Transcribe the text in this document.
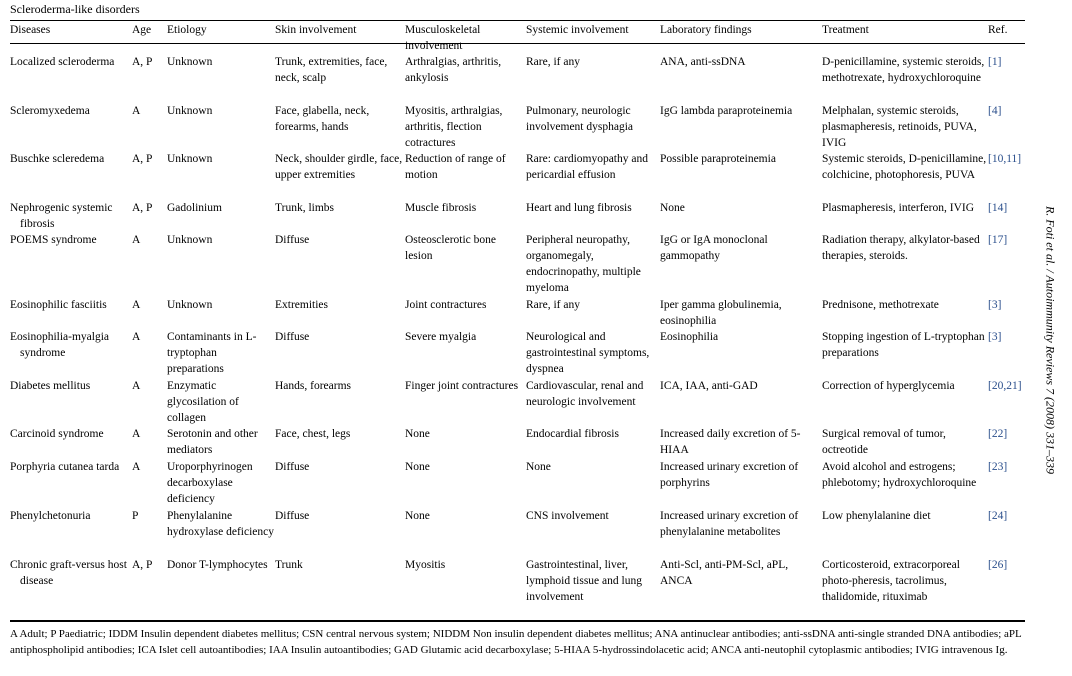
Scleroderma-like disorders
Diseases	Age	Etiology	Skin involvement	Musculoskeletal involvement	Systemic involvement	Laboratory findings	Treatment	Ref.
Localized scleroderma	A, P	Unknown	Trunk, extremities, face, neck, scalp	Arthralgias, arthritis, ankylosis	Rare, if any	ANA, anti-ssDNA	D-penicillamine, systemic steroids, methotrexate, hydroxychloroquine	[1]
Scleromyxedema	A	Unknown	Face, glabella, neck, forearms, hands	Myositis, arthralgias, arthritis, flection cotractures	Pulmonary, neurologic involvement dysphagia	IgG lambda paraproteinemia	Melphalan, systemic steroids, plasmapheresis, retinoids, PUVA, IVIG	[4]
Buschke scleredema	A, P	Unknown	Neck, shoulder girdle, face, upper extremities	Reduction of range of motion	Rare: cardiomyopathy and pericardial effusion	Possible paraproteinemia	Systemic steroids, D-penicillamine, colchicine, photophoresis, PUVA	[10,11]
Nephrogenic systemic fibrosis	A, P	Gadolinium	Trunk, limbs	Muscle fibrosis	Heart and lung fibrosis	None	Plasmapheresis, interferon, IVIG	[14]
POEMS syndrome	A	Unknown	Diffuse	Osteosclerotic bone lesion	Peripheral neuropathy, organomegaly, endocrinopathy, multiple myeloma	IgG or IgA monoclonal gammopathy	Radiation therapy, alkylator-based therapies, steroids.	[17]
Eosinophilic fasciitis	A	Unknown	Extremities	Joint contractures	Rare, if any	Iper gamma globulinemia, eosinophilia	Prednisone, methotrexate	[3]
Eosinophilia-myalgia syndrome	A	Contaminants in L-tryptophan preparations	Diffuse	Severe myalgia	Neurological and gastrointestinal symptoms, dyspnea	Eosinophilia	Stopping ingestion of L-tryptophan preparations	[3]
Diabetes mellitus	A	Enzymatic glycosilation of collagen	Hands, forearms	Finger joint contractures	Cardiovascular, renal and neurologic involvement	ICA, IAA, anti-GAD	Correction of hyperglycemia	[20,21]
Carcinoid syndrome	A	Serotonin and other mediators	Face, chest, legs	None	Endocardial fibrosis	Increased daily excretion of 5-HIAA	Surgical removal of tumor, octreotide	[22]
Porphyria cutanea tarda	A	Uroporphyrinogen decarboxylase deficiency	Diffuse	None	None	Increased urinary excretion of porphyrins	Avoid alcohol and estrogens; phlebotomy; hydroxychloroquine	[23]
Phenylchetonuria	P	Phenylalanine hydroxylase deficiency	Diffuse	None	CNS involvement	Increased urinary excretion of phenylalanine metabolites	Low phenylalanine diet	[24]
Chronic graft-versus host disease	A, P	Donor T-lymphocytes	Trunk	Myositis	Gastrointestinal, liver, lymphoid tissue and lung involvement	Anti-Scl, anti-PM-Scl, aPL, ANCA	Corticosteroid, extracorporeal photo-pheresis, tacrolimus, thalidomide, rituximab	[26]
A Adult; P Paediatric; IDDM Insulin dependent diabetes mellitus; CSN central nervous system; NIDDM Non insulin dependent diabetes mellitus; ANA antinuclear antibodies; anti-ssDNA anti-single stranded DNA antibodies; aPL antiphospholipid antibodies; ICA Islet cell autoantibodies; IAA Insulin autoantibodies; GAD Glutamic acid decarboxylase; 5-HIAA 5-hydrossindolacetic acid; ANCA anti-neutophil cytoplasmic antibodies; IVIG intravenous Ig.
R. Foti et al. / Autoimmunity Reviews 7 (2008) 331–339
